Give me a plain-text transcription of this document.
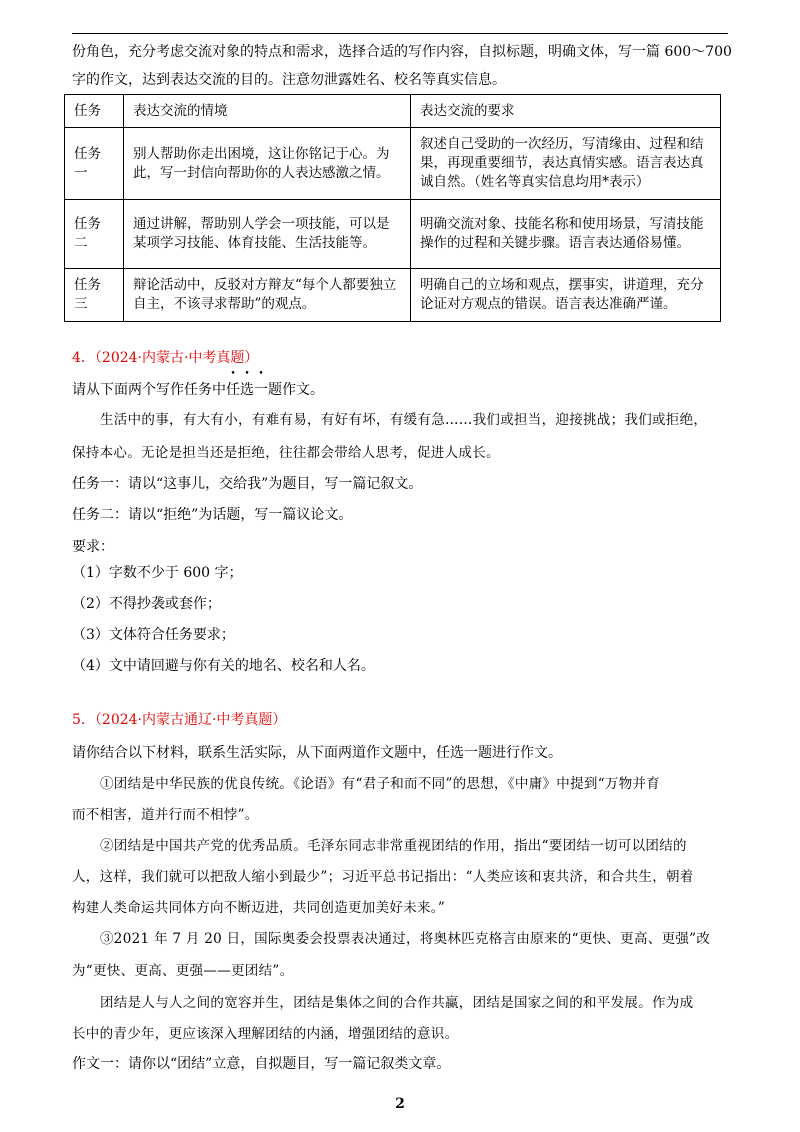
份角色，充分考虑交流对象的特点和需求，选择合适的写作内容，自拟标题，明确文体，写一篇 600～700
字的作文，达到表达交流的目的。注意勿泄露姓名、校名等真实信息。
任务	表达交流的情境	表达交流的要求
任务一	别人帮助你走出困境，这让你铭记于心。为此，写一封信向帮助你的人表达感激之情。	叙述自己受助的一次经历，写清缘由、过程和结果，再现重要细节，表达真情实感。语言表达真诚自然。（姓名等真实信息均用*表示）
任务二	通过讲解，帮助别人学会一项技能，可以是某项学习技能、体育技能、生活技能等。	明确交流对象、技能名称和使用场景，写清技能操作的过程和关键步骤。语言表达通俗易懂。
任务三	辩论活动中，反驳对方辩友“每个人都要独立自主，不该寻求帮助”的观点。	明确自己的立场和观点，摆事实，讲道理，充分论证对方观点的错误。语言表达准确严谨。
4．（2024·内蒙古·中考真题）
请从下面两个写作任务中任选一题作文。
生活中的事，有大有小，有难有易，有好有坏，有缓有急……我们或担当，迎接挑战；我们或拒绝，
保持本心。无论是担当还是拒绝，往往都会带给人思考，促进人成长。
任务一：请以“这事儿，交给我”为题目，写一篇记叙文。
任务二：请以“拒绝”为话题，写一篇议论文。
要求：
（1）字数不少于 600 字；
（2）不得抄袭或套作；
（3）文体符合任务要求；
（4）文中请回避与你有关的地名、校名和人名。
5．（2024·内蒙古通辽·中考真题）
请你结合以下材料，联系生活实际，从下面两道作文题中，任选一题进行作文。
①团结是中华民族的优良传统。《论语》有“君子和而不同”的思想，《中庸》中提到“万物并育
而不相害，道并行而不相悖”。
②团结是中国共产党的优秀品质。毛泽东同志非常重视团结的作用，指出“要团结一切可以团结的
人，这样，我们就可以把敌人缩小到最少”；习近平总书记指出：“人类应该和衷共济，和合共生，朝着
构建人类命运共同体方向不断迈进，共同创造更加美好未来。”
③2021 年 7 月 20 日，国际奥委会投票表决通过，将奥林匹克格言由原来的“更快、更高、更强”改
为“更快、更高、更强——更团结”。
团结是人与人之间的宽容并生，团结是集体之间的合作共赢，团结是国家之间的和平发展。作为成
长中的青少年，更应该深入理解团结的内涵，增强团结的意识。
作文一：请你以“团结”立意，自拟题目，写一篇记叙类文章。
2
